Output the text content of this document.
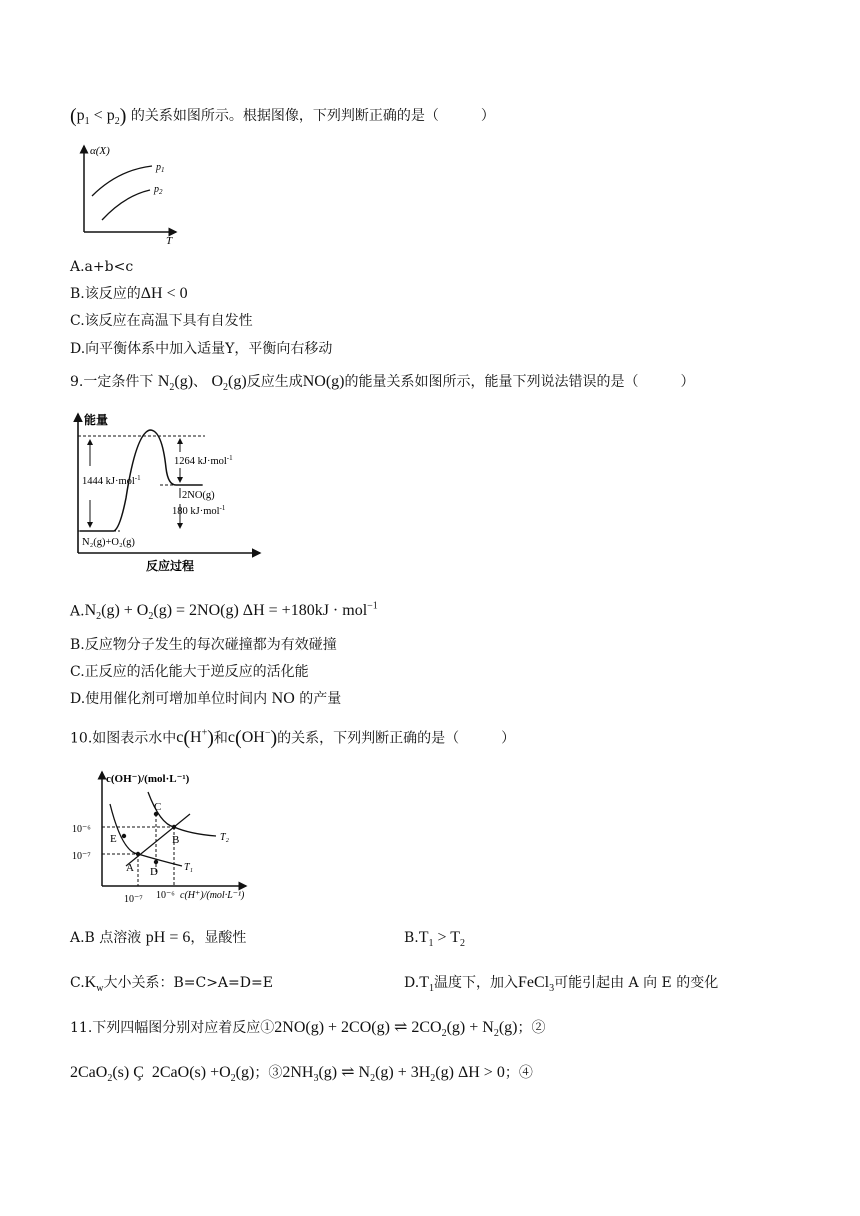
$(p_1 < p_2)$ 的关系如图所示。根据图像，下列判断正确的是（　　　）
α(X)
T
$p_1$
$p_2$
A.a+b<c
B.该反应的ΔH < 0
C.该反应在高温下具有自发性
D.向平衡体系中加入适量Y，平衡向右移动
9.一定条件下 $N_2(g)$、 $O_2(g)$反应生成NO(g)的能量关系如图所示，能量下列说法错误的是（　　　）
能量
1444 kJ·mol$^{-1}$
1264 kJ·mol$^{-1}$
2NO(g)
180 kJ·mol$^{-1}$
N₂(g)+O₂(g)
反应过程
$A.N_2(g) + O_2(g) = 2NO(g) \Delta H = +180kJ \cdot mol^{-1}$
B.反应物分子发生的每次碰撞都为有效碰撞
C.正反应的活化能大于逆反应的活化能
D.使用催化剂可增加单位时间内 NO 的产量
10.如图表示水中c(H+)和c(OH−)的关系，下列判断正确的是（　　　）
c(OH⁻)/(mol·L⁻¹)
c(H⁺)/(mol·L⁻¹)
10⁻⁶
10⁻⁷
10⁻⁷ 10⁻⁶
A
B
C
D
E
T₁
T₂
A.B 点溶液 pH = 6，显酸性	$B.T_1 > T_2$
$C.K_w$大小关系：B=C>A=D=E	$D.T_1$温度下，加入FeCl$_3$可能引起由 A 向 E 的变化
11.下列四幅图分别对应着反应①2NO(g) + 2CO(g) ⇌ $2CO_2(g) + N_2(g)$；②
2CaO$_2$(s) Ç  $2CaO(s) +O_2(g)$；$③2NH_3(g)$ ⇌ $N_2(g) + 3H_2(g) \Delta H > 0$；④
